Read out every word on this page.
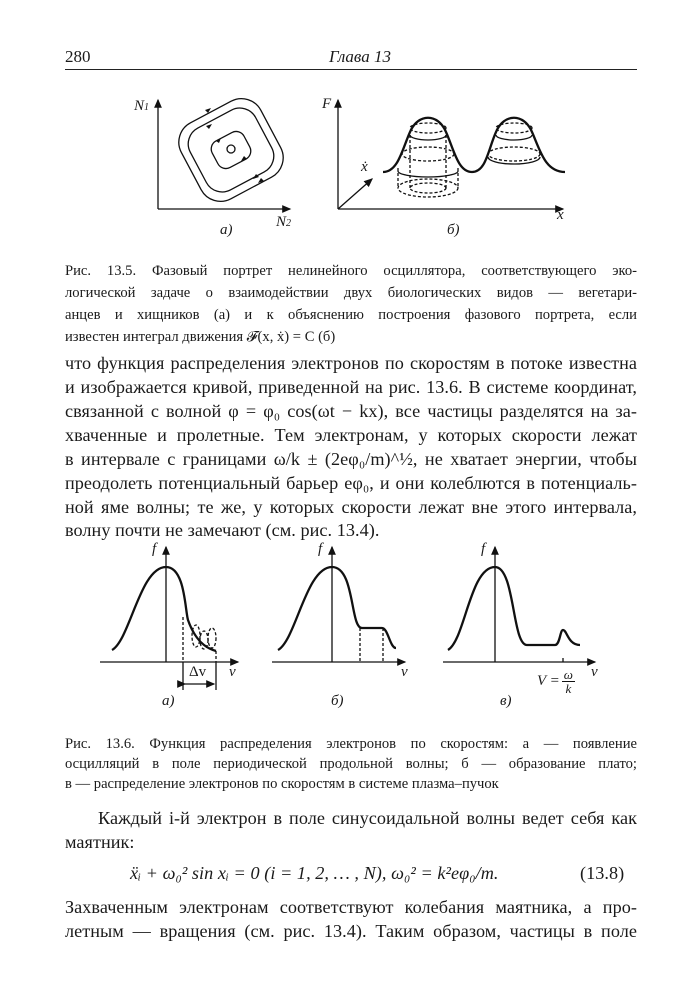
280	Глава 13
N1
N2
а)
F
ẋ
x
б)
Рис. 13.5. Фазовый портрет нелинейного осциллятора, соответствующего эко-
логической задаче о взаимодействии двух биологических видов — вегетари-
анцев и хищников (а) и к объяснению построения фазового портрета, если
известен интеграл движения 𝓕(x, ẋ) = C (б)
что функция распределения электронов по скоростям в потоке известна
и изображается кривой, приведенной на рис. 13.6. В системе координат,
связанной с волной φ = φ₀ cos(ωt − kx), все частицы разделятся на за-
хваченные и пролетные. Тем электронам, у которых скорости лежат
в интервале с границами ω/k ± (2eφ₀/m)^½, не хватает энергии, чтобы
преодолеть потенциальный барьер eφ₀, и они колеблются в потенциаль-
ной яме волны; те же, у которых скорости лежат вне этого интервала,
волну почти не замечают (см. рис. 13.4).
f
v
Δv
а)
f
v
б)
f
v
$V = \frac{\omega}{k}$
в)
Рис. 13.6. Функция распределения электронов по скоростям: а — появление
осцилляций в поле периодической продольной волны; б — образование плато;
в — распределение электронов по скоростям в системе плазма–пучок
Каждый i-й электрон в поле синусоидальной волны ведет себя как
маятник:
ẍᵢ + ω₀² sin xᵢ = 0 (i = 1, 2, … , N), ω₀² = k²eφ₀/m.	(13.8)
Захваченным электронам соответствуют колебания маятника, а про-
летным — вращения (см. рис. 13.4). Таким образом, частицы в поле
